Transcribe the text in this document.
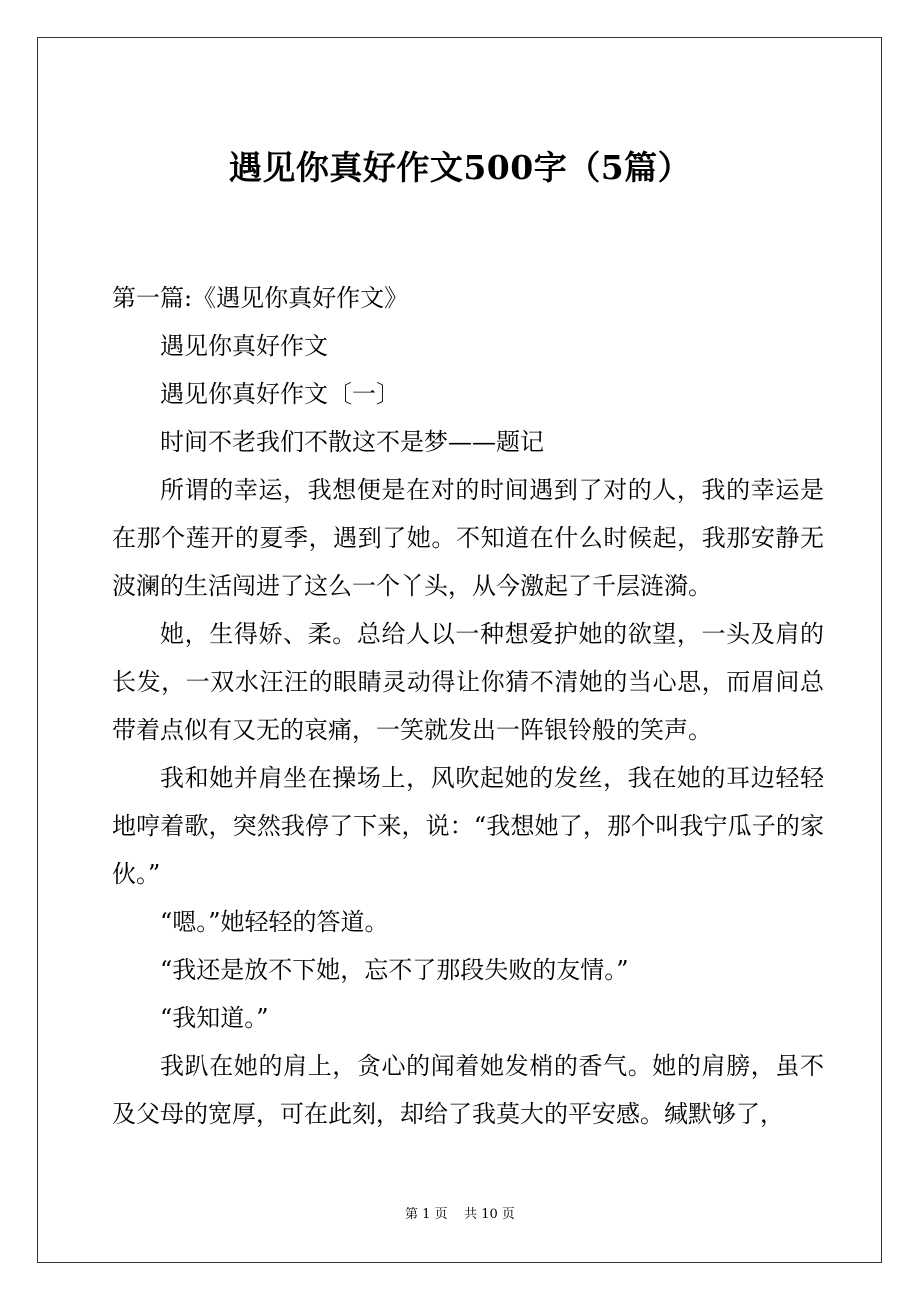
遇见你真好作文500字（5篇）

第一篇:《遇见你真好作文》

遇见你真好作文

遇见你真好作文〔一〕

时间不老我们不散这不是梦——题记

所谓的幸运，我想便是在对的时间遇到了对的人，我的幸运是在那个莲开的夏季，遇到了她。不知道在什么时候起，我那安静无波澜的生活闯进了这么一个丫头，从今激起了千层涟漪。

她，生得娇、柔。总给人以一种想爱护她的欲望，一头及肩的长发，一双水汪汪的眼睛灵动得让你猜不清她的当心思，而眉间总带着点似有又无的哀痛，一笑就发出一阵银铃般的笑声。

我和她并肩坐在操场上，风吹起她的发丝，我在她的耳边轻轻地哼着歌，突然我停了下来，说：“我想她了，那个叫我宁瓜子的家伙。”

“嗯。”她轻轻的答道。

“我还是放不下她，忘不了那段失败的友情。”

“我知道。”

我趴在她的肩上，贪心的闻着她发梢的香气。她的肩膀，虽不及父母的宽厚，可在此刻，却给了我莫大的平安感。缄默够了，

第 1 页 共 10 页
